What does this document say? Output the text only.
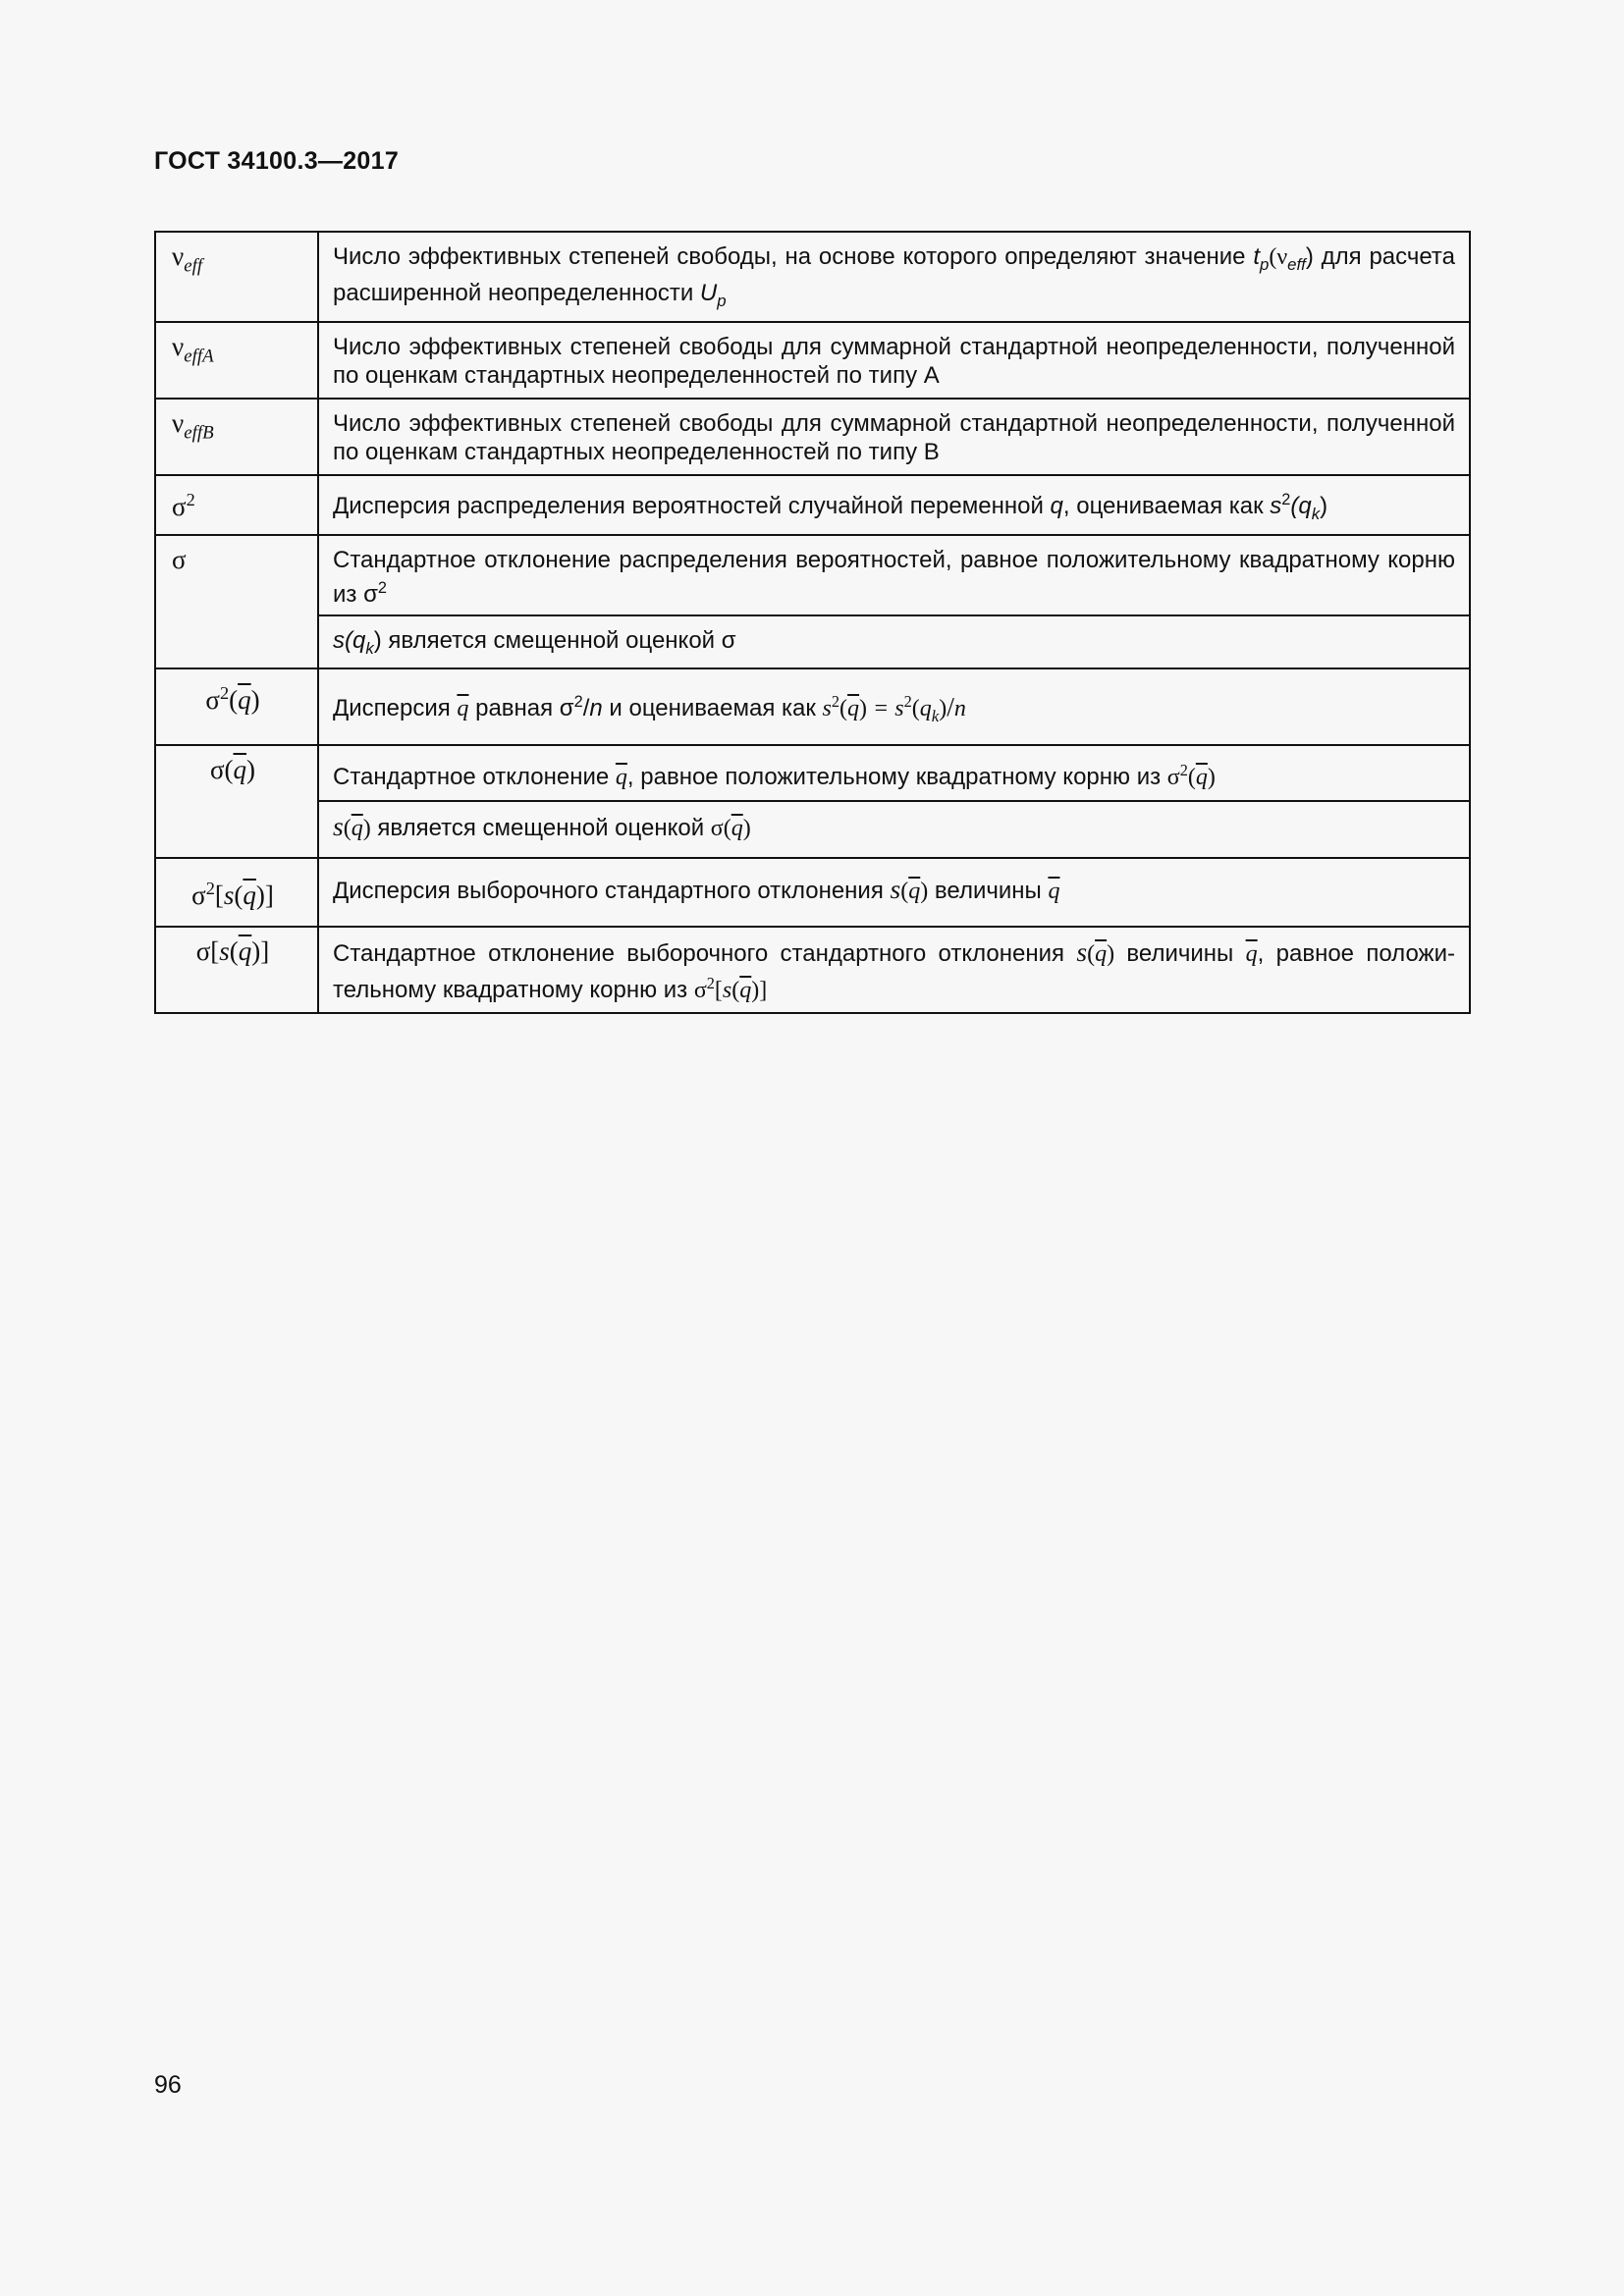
ГОСТ 34100.3—2017
$\nu_{eff}$	Число эффективных степеней свободы, на основе которого определяют значение $t_p(\nu_{eff})$ для расчета расширенной неопределенности $U_p$
$\nu_{effA}$	Число эффективных степеней свободы для суммарной стандартной неопределенности, полученной по оценкам стандартных неопределенностей по типу А
$\nu_{effB}$	Число эффективных степеней свободы для суммарной стандартной неопределенности, полученной по оценкам стандартных неопределенностей по типу В
$\sigma^2$	Дисперсия распределения вероятностей случайной переменной q, оцениваемая как $s^2(q_k)$
σ	Стандартное отклонение распределения вероятностей, равное положительному квадратному корню из $\sigma^2$
	$s(q_k)$ является смещенной оценкой σ
$\sigma^2(\overline{q})$	Дисперсия $\overline{q}$ равная $\sigma^2/n$ и оцениваемая как $s^2(\overline{q}) = s^2(q_k)/n$
$\sigma(\overline{q})$	Стандартное отклонение $\overline{q}$, равное положительному квадратному корню из $\sigma^2(\overline{q})$
	$s(\overline{q})$ является смещенной оценкой $\sigma(\overline{q})$
$\sigma^2[s(\overline{q})]$	Дисперсия выборочного стандартного отклонения $s(\overline{q})$ величины $\overline{q}$
$\sigma[s(\overline{q})]$	Стандартное отклонение выборочного стандартного отклонения $s(\overline{q})$ величины $\overline{q}$, равное положи-тельному квадратному корню из $\sigma^2[s(\overline{q})]$
96
